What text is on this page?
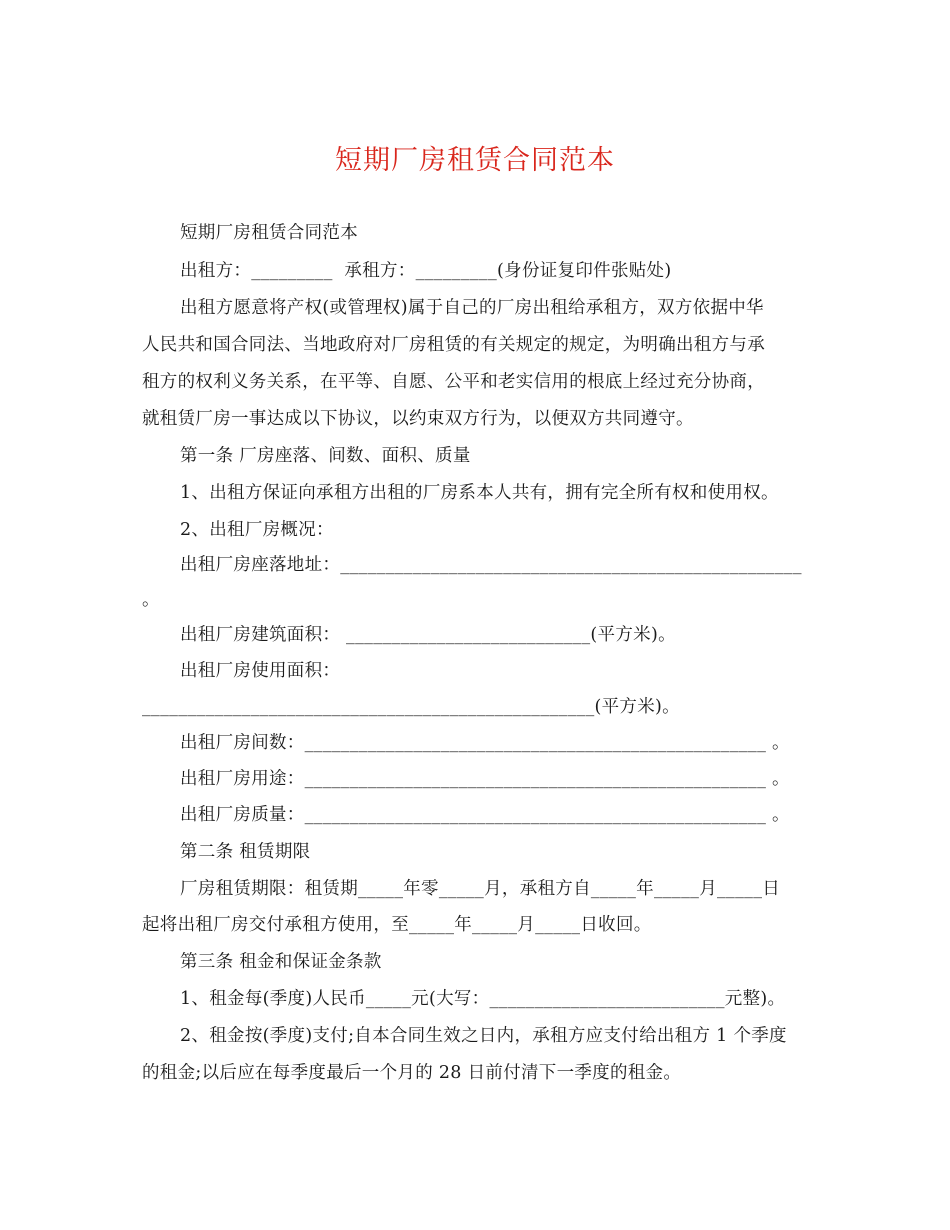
短期厂房租赁合同范本
短期厂房租赁合同范本
出租方：_________  承租方：_________(身份证复印件张贴处)
出租方愿意将产权(或管理权)属于自己的厂房出租给承租方，双方依据中华
人民共和国合同法、当地政府对厂房租赁的有关规定的规定，为明确出租方与承
租方的权利义务关系，在平等、自愿、公平和老实信用的根底上经过充分协商，
就租赁厂房一事达成以下协议，以约束双方行为，以便双方共同遵守。
第一条 厂房座落、间数、面积、质量
1、出租方保证向承租方出租的厂房系本人共有，拥有完全所有权和使用权。
2、出租厂房概况：
出租厂房座落地址：___________________________________________________
。
出租厂房建筑面积： ___________________________(平方米)。
出租厂房使用面积：
__________________________________________________(平方米)。
出租厂房间数：___________________________________________________ 。
出租厂房用途：___________________________________________________ 。
出租厂房质量：___________________________________________________ 。
第二条 租赁期限
厂房租赁期限：租赁期_____年零_____月，承租方自_____年_____月_____日
起将出租厂房交付承租方使用，至_____年_____月_____日收回。
第三条 租金和保证金条款
1、租金每(季度)人民币_____元(大写：__________________________元整)。
2、租金按(季度)支付;自本合同生效之日内，承租方应支付给出租方 1 个季度
的租金;以后应在每季度最后一个月的 28 日前付清下一季度的租金。
